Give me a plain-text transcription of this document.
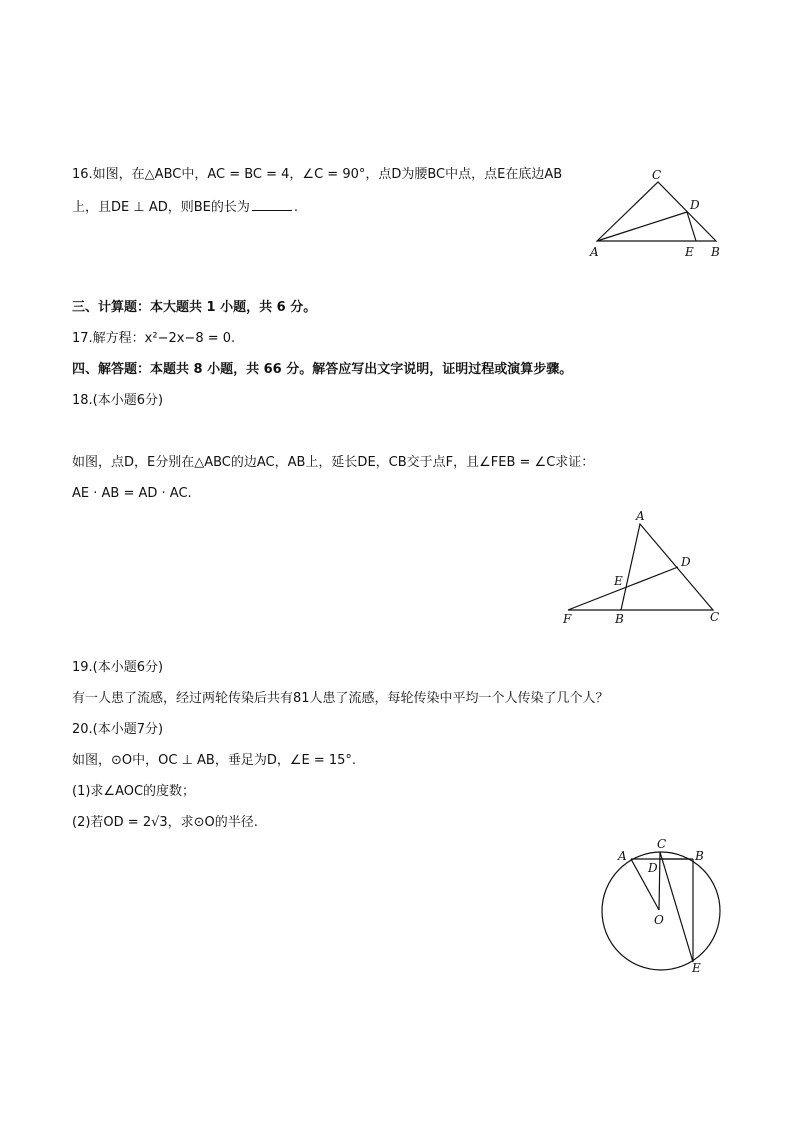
16.如图，在△ABC中，AC = BC = 4，∠C = 90°，点D为腰BC中点，点E在底边AB
上，且DE ⊥ AD，则BE的长为	.
C
D
A	E B
三、计算题：本大题共 1 小题，共 6 分。
17.解方程：x²−2x−8 = 0.
四、解答题：本题共 8 小题，共 66 分。解答应写出文字说明，证明过程或演算步骤。
18.(本小题6分)
如图，点D，E分别在△ABC的边AC，AB上，延长DE，CB交于点F，且∠FEB = ∠C求证：
AE · AB = AD · AC.
A
D
E
F	B	C
19.(本小题6分)
有一人患了流感，经过两轮传染后共有81人患了流感，每轮传染中平均一个人传染了几个人？
20.(本小题7分)
如图，⊙O中，OC ⊥ AB，垂足为D，∠E = 15°.
(1)求∠AOC的度数；
(2)若OD = 2√3，求⊙O的半径.
A
C
B
D
O
E
